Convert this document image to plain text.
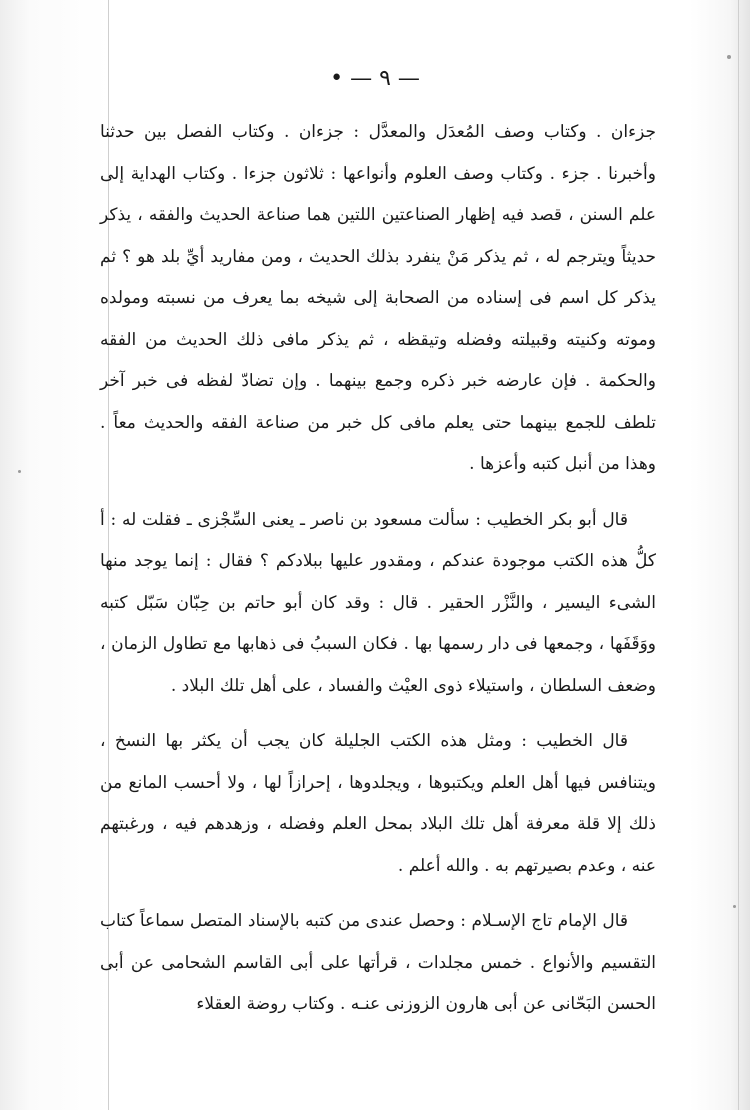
• — ٩ —

جزءان . وكتاب وصف المُعدَل والمعدَّل : جزءان . وكتاب الفصل بين حدثنا وأخبرنا . جزء . وكتاب وصف العلوم وأنواعها : ثلاثون جزءا . وكتاب الهداية إلى علم السنن ، قصد فيه إظهار الصناعتين اللتين هما صناعة الحديث والفقه ، يذكر حديثاً ويترجم له ، ثم يذكر مَنْ ينفرد بذلك الحديث ، ومن مفاريد أيِّ بلد هو ؟ ثم يذكر كل اسم فى إسناده من الصحابة إلى شيخه بما يعرف من نسبته ومولده وموته وكنيته وقبيلته وفضله وتيقظه ، ثم يذكر مافى ذلك الحديث من الفقه والحكمة . فإن عارضه خبر ذكره وجمع بينهما . وإن تضادّ لفظه فى خبر آخر تلطف للجمع بينهما حتى يعلم مافى كل خبر من صناعة الفقه والحديث معاً . وهذا من أنبل كتبه وأعزها .

قال أبو بكر الخطيب : سألت مسعود بن ناصر ـ يعنى السِّجْزى ـ فقلت له : أ كلُّ هذه الكتب موجودة عندكم ، ومقدور عليها ببلادكم ؟ فقال : إنما يوجد منها الشىء اليسير ، والنَّزْر الحقير . قال : وقد كان أبو حاتم بن حِبّان سَبّل كتبه ووَقَفَها ، وجمعها فى دار رسمها بها . فكان السببُ فى ذهابها مع تطاول الزمان ، وضعف السلطان ، واستيلاء ذوى العيْث والفساد ، على أهل تلك البلاد .

قال الخطيب : ومثل هذه الكتب الجليلة كان يجب أن يكثر بها النسخ ، ويتنافس فيها أهل العلم ويكتبوها ، ويجلدوها ، إحرازاً لها ، ولا أحسب المانع من ذلك إلا قلة معرفة أهل تلك البلاد بمحل العلم وفضله ، وزهدهم فيه ، ورغبتهم عنه ، وعدم بصيرتهم به . والله أعلم .

قال الإمام تاج الإسـلام : وحصل عندى من كتبه بالإسناد المتصل سماعاً كتاب التقسيم والأنواع . خمس مجلدات ، قرأتها على أبى القاسم الشحامى عن أبى الحسن البَحّانى عن أبى هارون الزوزنى عنـه . وكتاب روضة العقلاء
